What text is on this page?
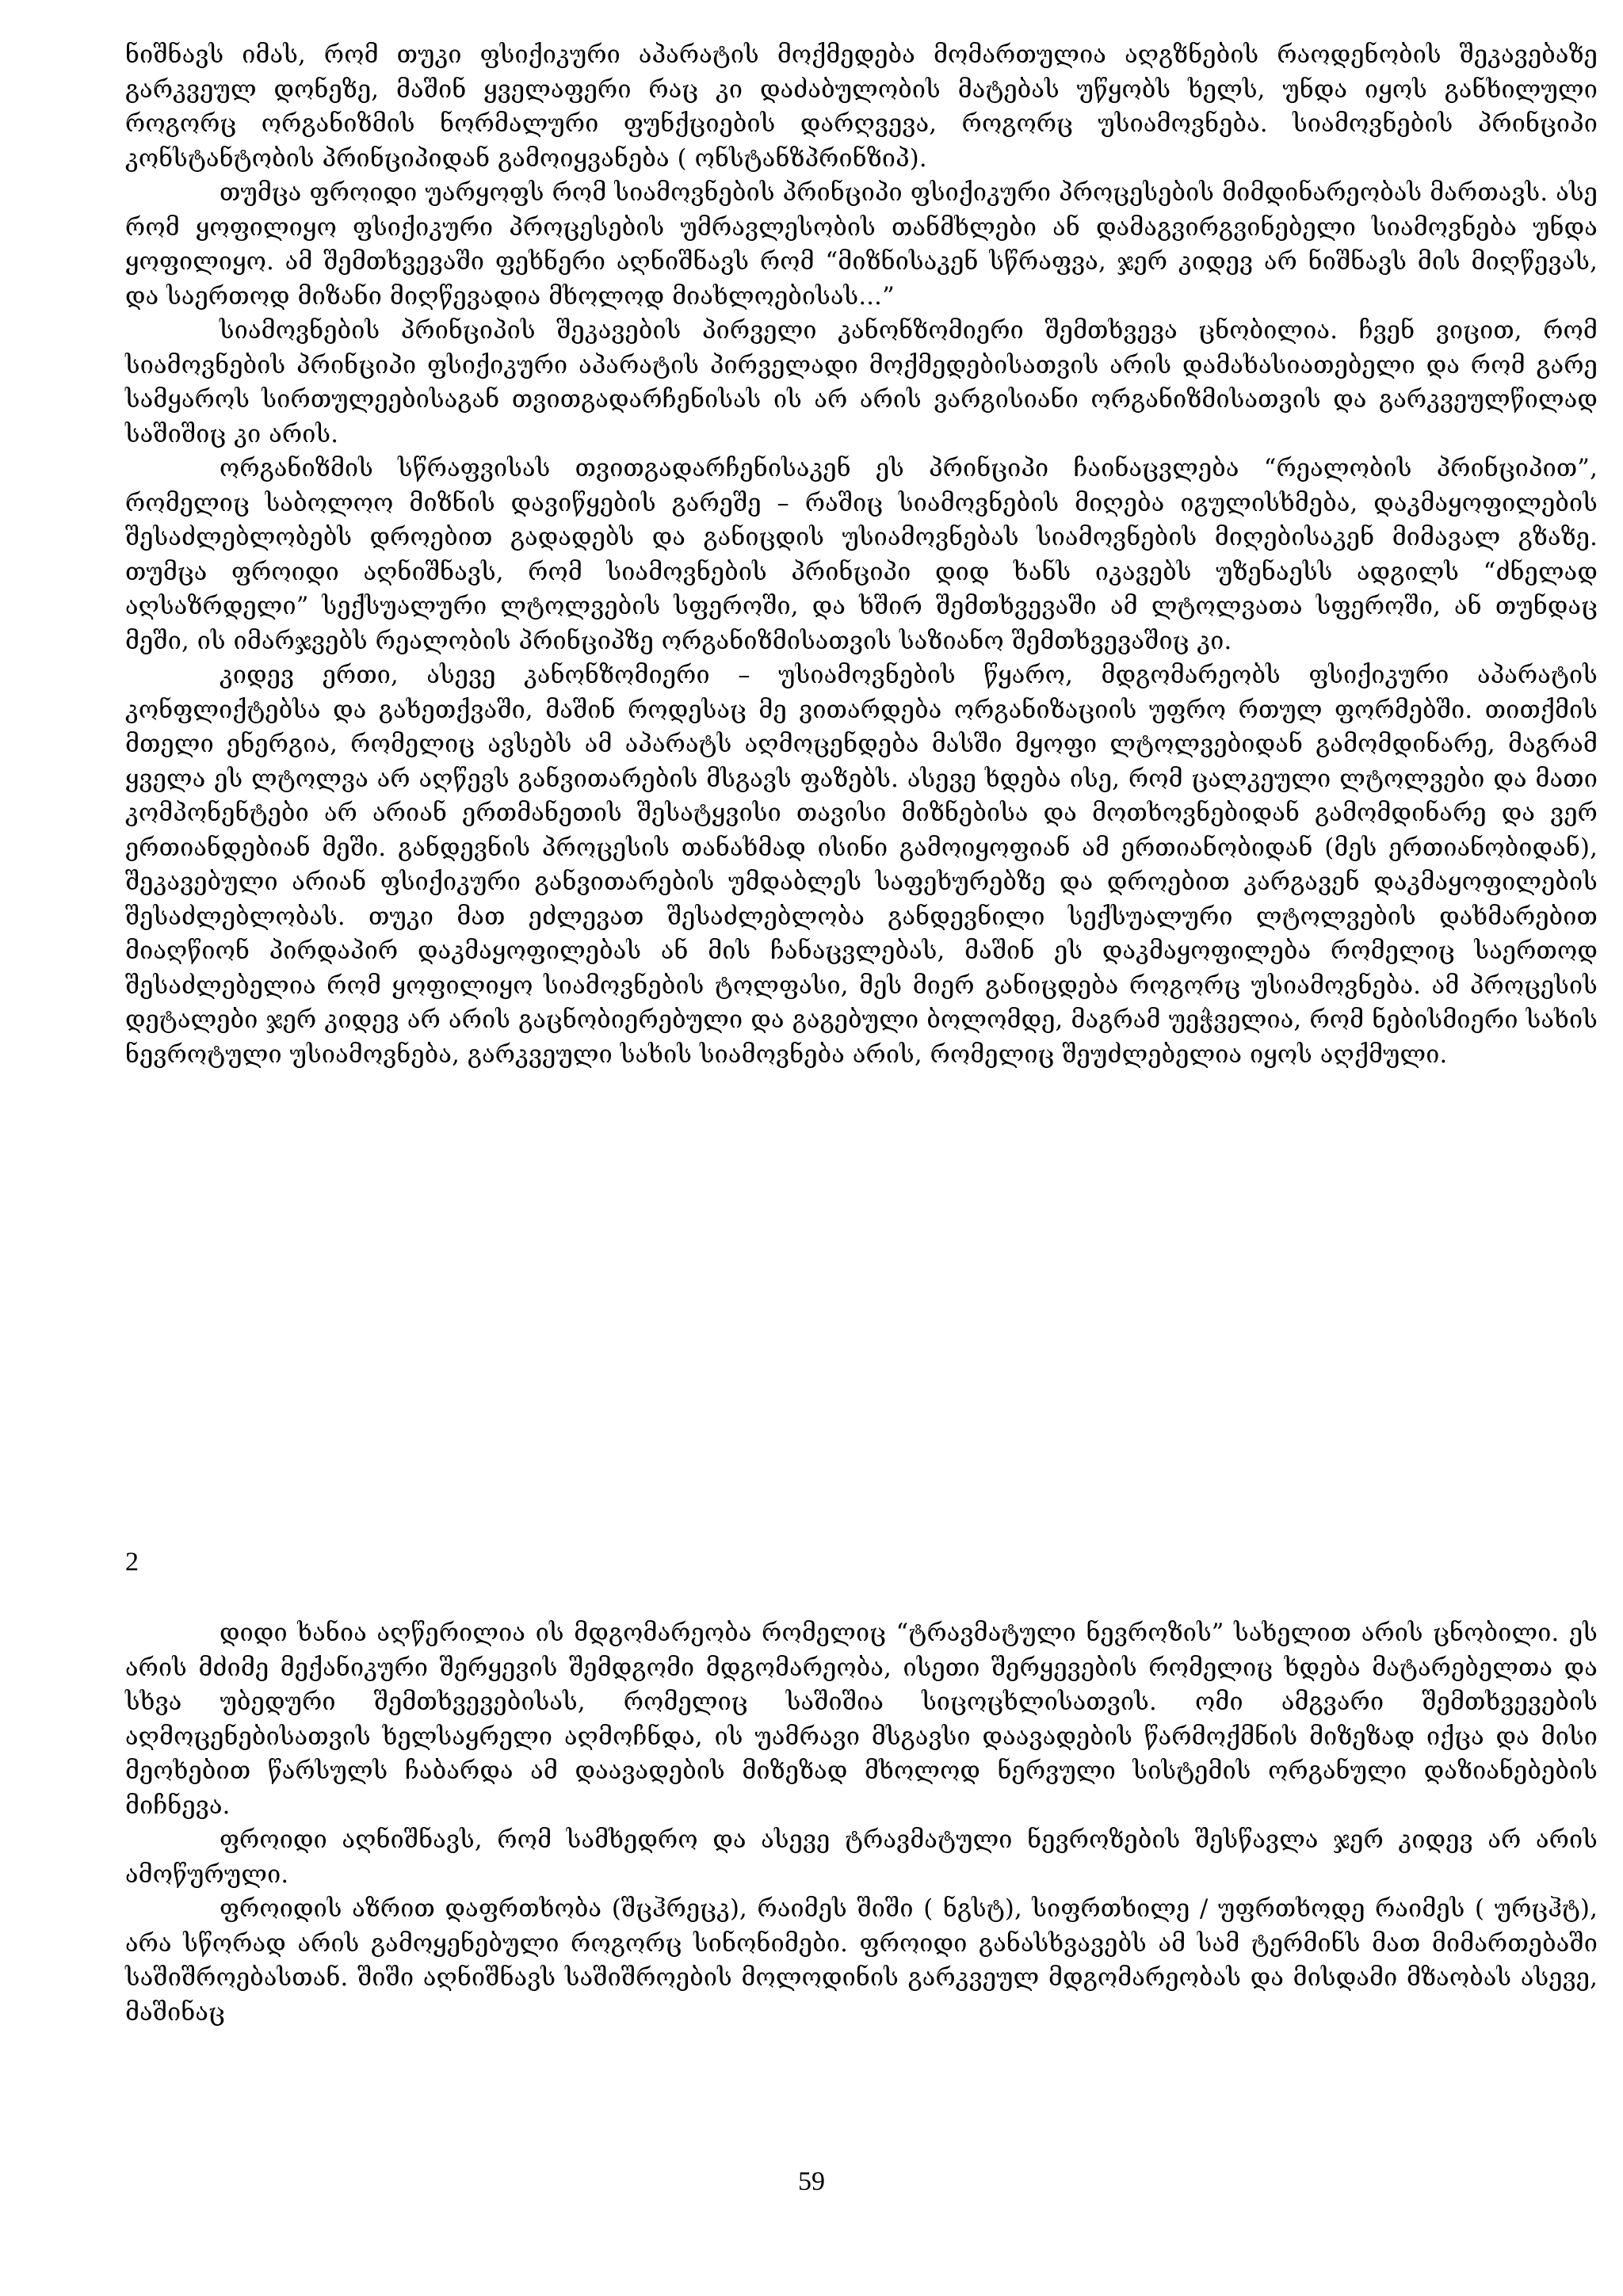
ნიშნავს იმას, რომ თუკი ფსიქიკური აპარატის მოქმედება მომართულია აღგზნების რაოდენობის შეკავებაზე გარკვეულ დონეზე, მაშინ ყველაფერი რაც კი დაძაბულობის მატებას უწყობს ხელს, უნდა იყოს განხილული როგორც ორგანიზმის ნორმალური ფუნქციების დარღვევა, როგორც უსიამოვნება. სიამოვნების პრინციპი კონსტანტობის პრინციპიდან გამოიყვანება ( ონსტანზპრინზიპ).

თუმცა ფროიდი უარყოფს რომ სიამოვნების პრინციპი ფსიქიკური პროცესების მიმდინარეობას მართავს. ასე რომ ყოფილიყო ფსიქიკური პროცესების უმრავლესობის თანმხლები ან დამაგვირგვინებელი სიამოვნება უნდა ყოფილიყო. ამ შემთხვევაში ფეხნერი აღნიშნავს რომ “მიზნისაკენ სწრაფვა, ჯერ კიდევ არ ნიშნავს მის მიღწევას, და საერთოდ მიზანი მიღწევადია მხოლოდ მიახლოებისას...”

სიამოვნების პრინციპის შეკავების პირველი კანონზომიერი შემთხვევა ცნობილია. ჩვენ ვიცით, რომ სიამოვნების პრინციპი ფსიქიკური აპარატის პირველადი მოქმედებისათვის არის დამახასიათებელი და რომ გარე სამყაროს სირთულეებისაგან თვითგადარჩენისას ის არ არის ვარგისიანი ორგანიზმისათვის და გარკვეულწილად საშიშიც კი არის.

ორგანიზმის სწრაფვისას თვითგადარჩენისაკენ ეს პრინციპი ჩაინაცვლება “რეალობის პრინციპით”, რომელიც საბოლოო მიზნის დავიწყების გარეშე – რაშიც სიამოვნების მიღება იგულისხმება, დაკმაყოფილების შესაძლებლობებს დროებით გადადებს და განიცდის უსიამოვნებას სიამოვნების მიღებისაკენ მიმავალ გზაზე. თუმცა ფროიდი აღნიშნავს, რომ სიამოვნების პრინციპი დიდ ხანს იკავებს უზენაესს ადგილს “ძნელად აღსაზრდელი” სექსუალური ლტოლვების სფეროში, და ხშირ შემთხვევაში ამ ლტოლვათა სფეროში, ან თუნდაც მეში, ის იმარჯვებს რეალობის პრინციპზე ორგანიზმისათვის საზიანო შემთხვევაშიც კი.

კიდევ ერთი, ასევე კანონზომიერი – უსიამოვნების წყარო, მდგომარეობს ფსიქიკური აპარატის კონფლიქტებსა და გახეთქვაში, მაშინ როდესაც მე ვითარდება ორგანიზაციის უფრო რთულ ფორმებში. თითქმის მთელი ენერგია, რომელიც ავსებს ამ აპარატს აღმოცენდება მასში მყოფი ლტოლვებიდან გამომდინარე, მაგრამ ყველა ეს ლტოლვა არ აღწევს განვითარების მსგავს ფაზებს. ასევე ხდება ისე, რომ ცალკეული ლტოლვები და მათი კომპონენტები არ არიან ერთმანეთის შესატყვისი თავისი მიზნებისა და მოთხოვნებიდან გამომდინარე და ვერ ერთიანდებიან მეში. განდევნის პროცესის თანახმად ისინი გამოიყოფიან ამ ერთიანობიდან (მეს ერთიანობიდან), შეკავებული არიან ფსიქიკური განვითარების უმდაბლეს საფეხურებზე და დროებით კარგავენ დაკმაყოფილების შესაძლებლობას. თუკი მათ ეძლევათ შესაძლებლობა განდევნილი სექსუალური ლტოლვების დახმარებით მიაღწიონ პირდაპირ დაკმაყოფილებას ან მის ჩანაცვლებას, მაშინ ეს დაკმაყოფილება რომელიც საერთოდ შესაძლებელია რომ ყოფილიყო სიამოვნების ტოლფასი, მეს მიერ განიცდება როგორც უსიამოვნება. ამ პროცესის დეტალები ჯერ კიდევ არ არის გაცნობიერებული და გაგებული ბოლომდე, მაგრამ უეჭველია, რომ ნებისმიერი სახის ნევროტული უსიამოვნება, გარკვეული სახის სიამოვნება არის, რომელიც შეუძლებელია იყოს აღქმული.

2

დიდი ხანია აღწერილია ის მდგომარეობა რომელიც “ტრავმატული ნევროზის” სახელით არის ცნობილი. ეს არის მძიმე მექანიკური შერყევის შემდგომი მდგომარეობა, ისეთი შერყევების რომელიც ხდება მატარებელთა და სხვა უბედური შემთხვევებისას, რომელიც საშიშია სიცოცხლისათვის. ომი ამგვარი შემთხვევების აღმოცენებისათვის ხელსაყრელი აღმოჩნდა, ის უამრავი მსგავსი დაავადების წარმოქმნის მიზეზად იქცა და მისი მეოხებით წარსულს ჩაბარდა ამ დაავადების მიზეზად მხოლოდ ნერვული სისტემის ორგანული დაზიანებების მიჩნევა.

ფროიდი აღნიშნავს, რომ სამხედრო და ასევე ტრავმატული ნევროზების შესწავლა ჯერ კიდევ არ არის ამოწურული.

ფროიდის აზრით დაფრთხობა (შცჰრეცკ), რაიმეს შიში ( ნგსტ), სიფრთხილე / უფრთხოდე რაიმეს ( ურცჰტ), არა სწორად არის გამოყენებული როგორც სინონიმები. ფროიდი განასხვავებს ამ სამ ტერმინს მათ მიმართებაში საშიშროებასთან. შიში აღნიშნავს საშიშროების მოლოდინის გარკვეულ მდგომარეობას და მისდამი მზაობას ასევე, მაშინაც

59
